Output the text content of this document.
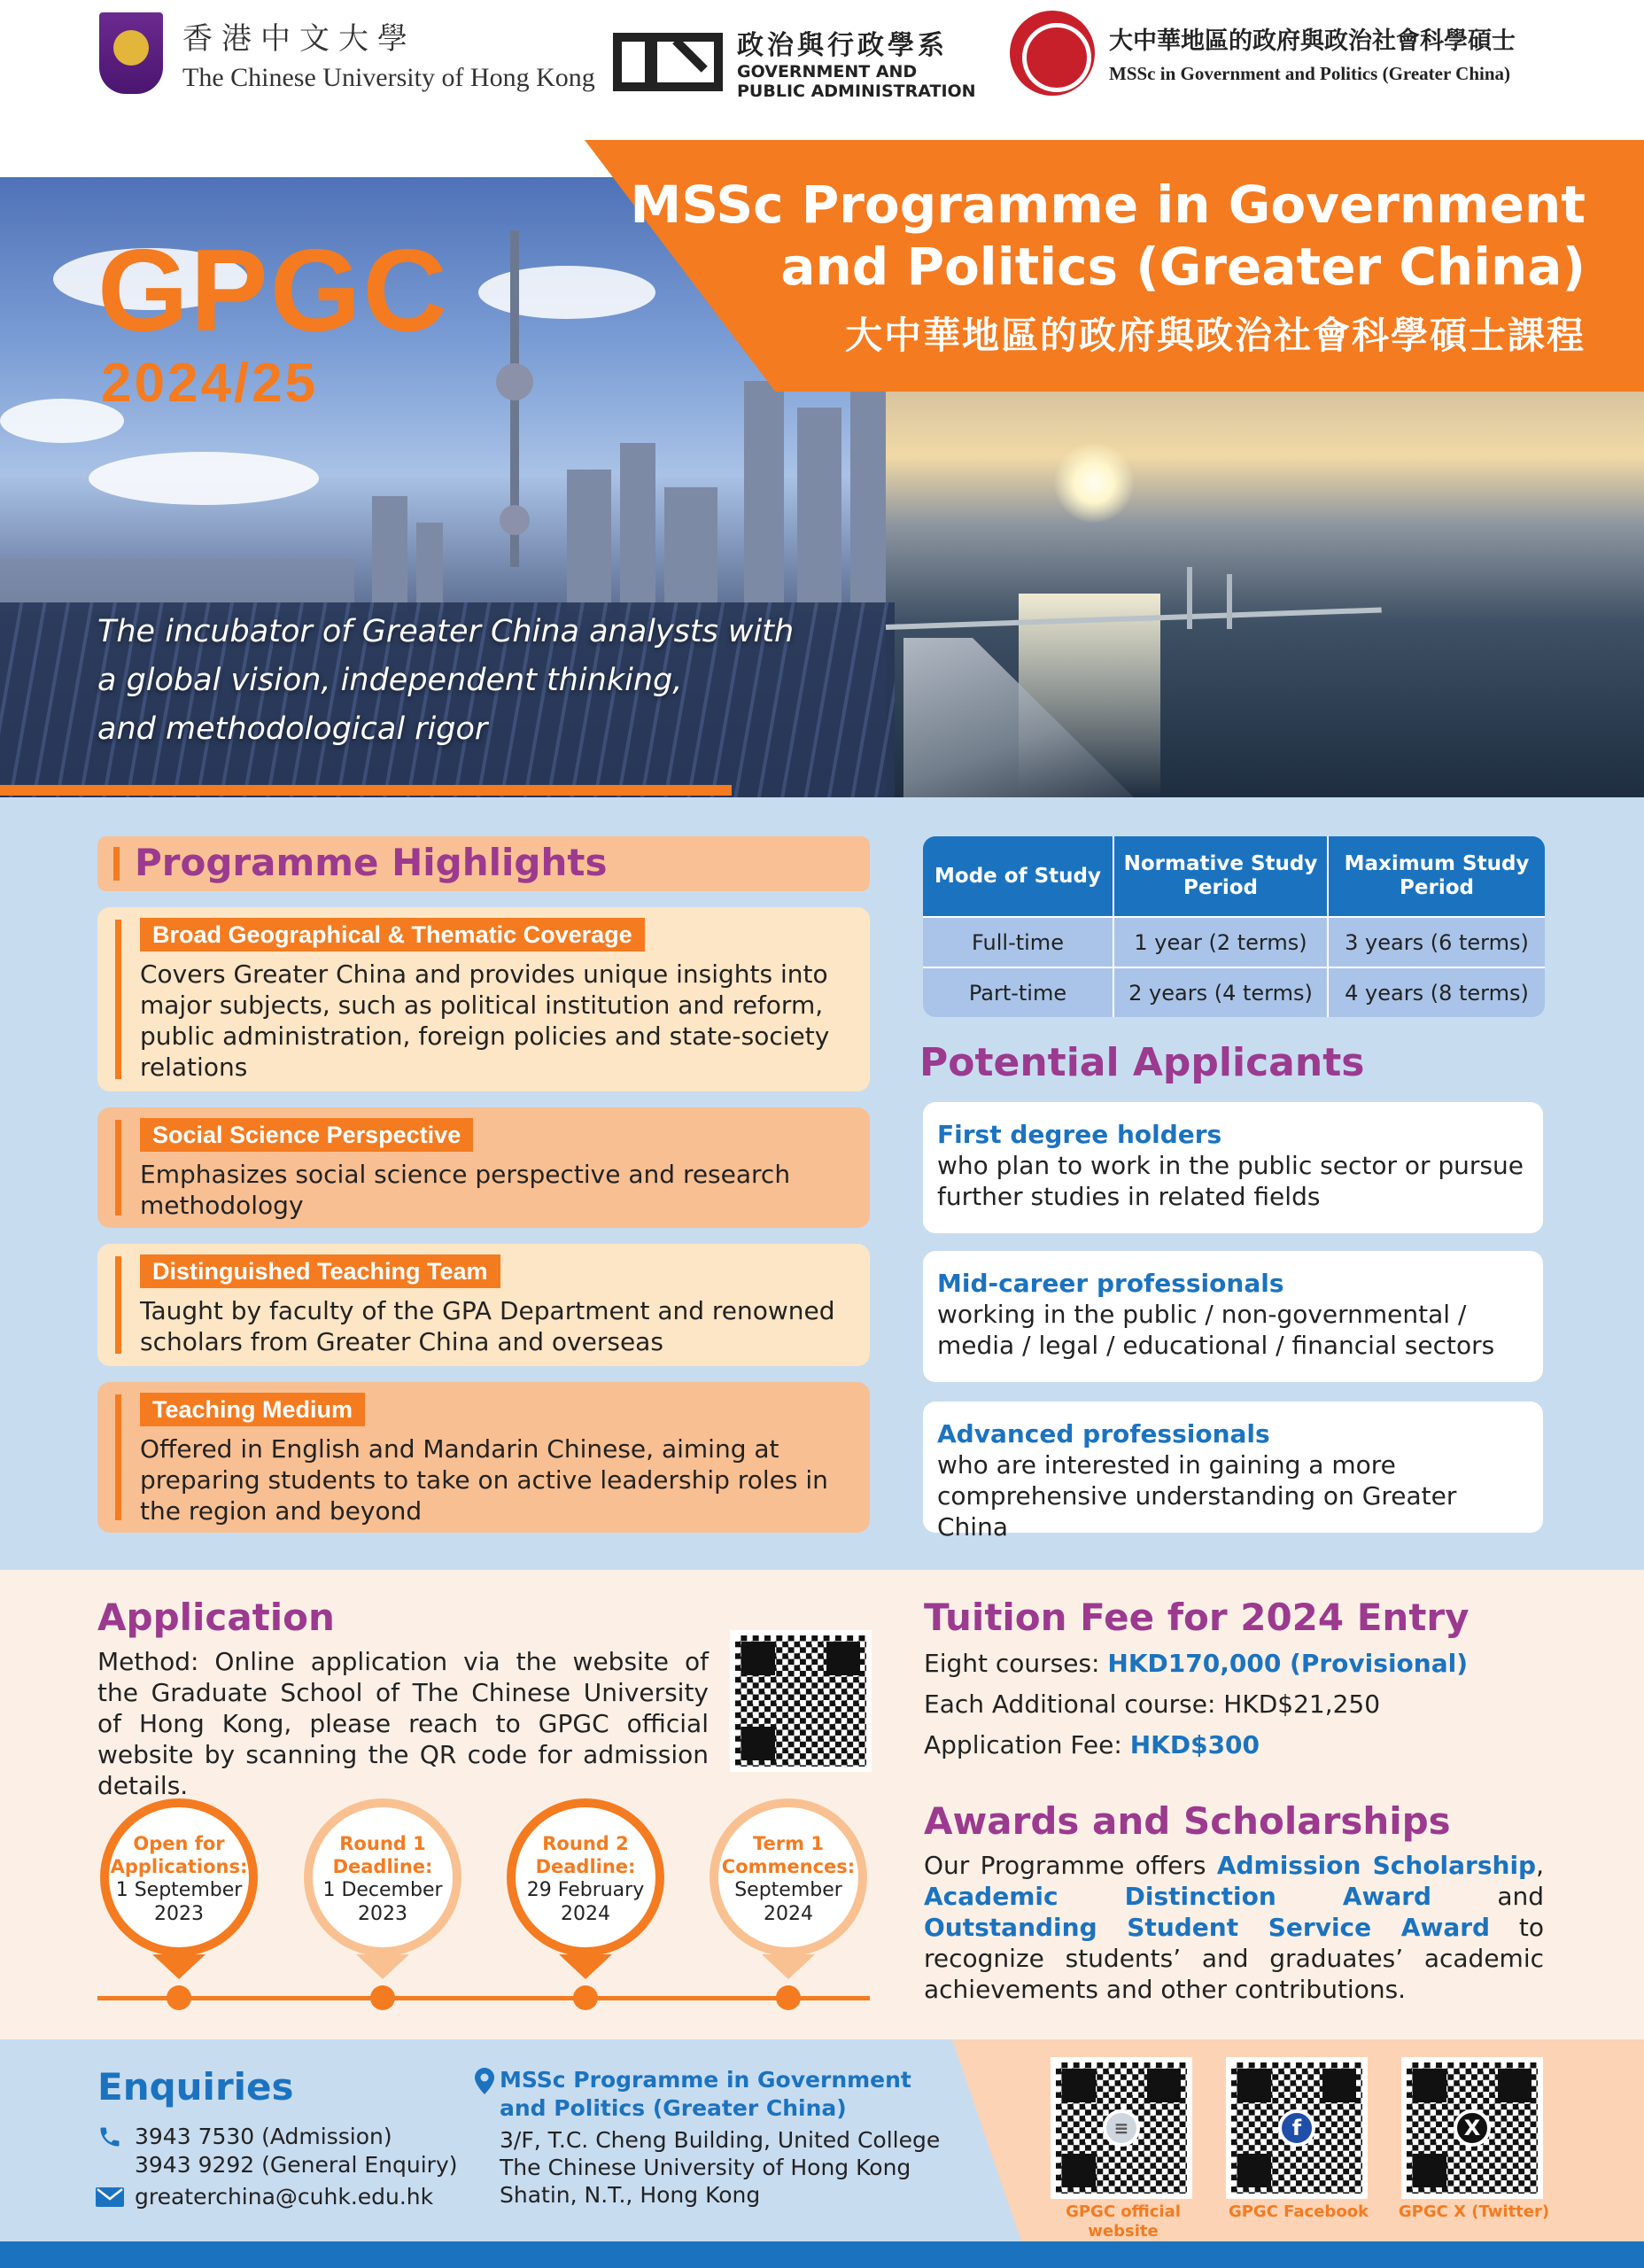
香港中文大學
The Chinese University of Hong Kong
政治與行政學系
GOVERNMENT AND
PUBLIC ADMINISTRATION
大中華地區的政府與政治社會科學碩士
MSSc in Government and Politics (Greater China)
MSSc Programme in Government
and Politics (Greater China)
大中華地區的政府與政治社會科學碩士課程
GPGC
2024/25
The incubator of Greater China analysts with
a global vision, independent thinking,
and methodological rigor
Programme Highlights
Broad Geographical & Thematic Coverage
Covers Greater China and provides unique insights into major subjects, such as political institution and reform, public administration, foreign policies and state-society relations
Social Science Perspective
Emphasizes social science perspective and research methodology
Distinguished Teaching Team
Taught by faculty of the GPA Department and renowned scholars from Greater China and overseas
Teaching Medium
Offered in English and Mandarin Chinese, aiming at preparing students to take on active leadership roles in the region and beyond
Mode of Study	Normative Study Period	Maximum Study Period
Full-time	1 year (2 terms)	3 years (6 terms)
Part-time	2 years (4 terms)	4 years (8 terms)
Potential Applicants
First degree holders
who plan to work in the public sector or pursue further studies in related fields
Mid-career professionals
working in the public / non-governmental / media / legal / educational / financial sectors
Advanced professionals
who are interested in gaining a more comprehensive understanding on Greater China
Application
Method: Online application via the website of the Graduate School of The Chinese University of Hong Kong, please reach to GPGC official website by scanning the QR code for admission details.
Open for Applications:
1 September
2023
Round 1 Deadline:
1 December
2023
Round 2 Deadline:
29 February
2024
Term 1 Commences:
September
2024
Tuition Fee for 2024 Entry
Eight courses: HKD170,000 (Provisional)
Each Additional course: HKD$21,250
Application Fee: HKD$300
Awards and Scholarships
Our Programme offers Admission Scholarship, Academic Distinction Award	and Outstanding Student Service Award to recognize students’ and graduates’ academic achievements and other contributions.
Enquiries
3943 7530 (Admission)
3943 9292 (General Enquiry)
greaterchina@cuhk.edu.hk
MSSc Programme in Government and Politics (Greater China)
3/F, T.C. Cheng Building, United College
The Chinese University of Hong Kong
Shatin, N.T., Hong Kong
≡
GPGC official website
f
GPGC Facebook
X
GPGC X (Twitter)
